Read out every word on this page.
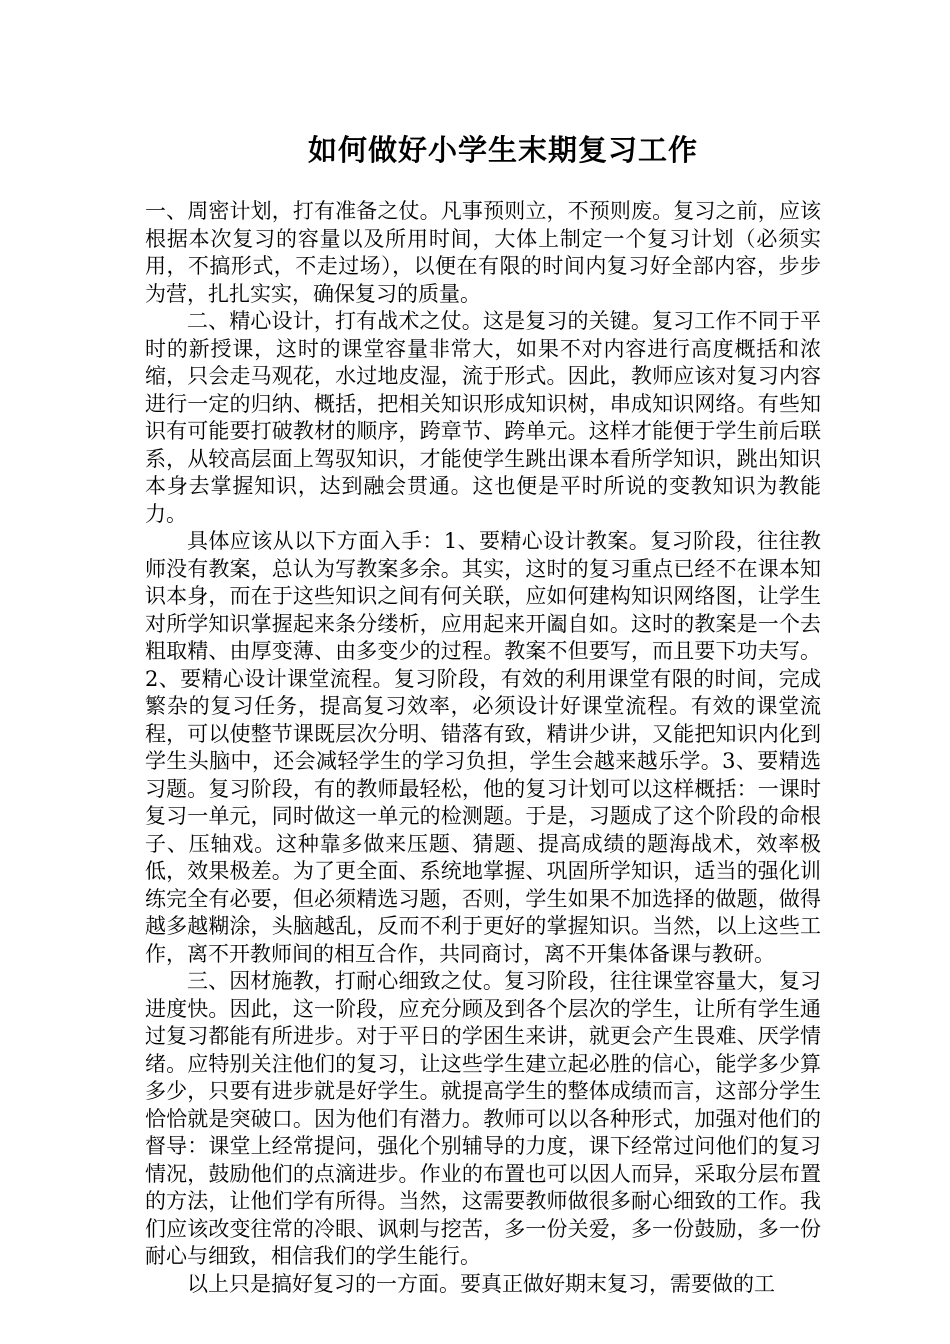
如何做好小学生末期复习工作

一、周密计划，打有准备之仗。凡事预则立，不预则废。复习之前，应该根据本次复习的容量以及所用时间，大体上制定一个复习计划（必须实用，不搞形式，不走过场），以便在有限的时间内复习好全部内容，步步为营，扎扎实实，确保复习的质量。

二、精心设计，打有战术之仗。这是复习的关键。复习工作不同于平时的新授课，这时的课堂容量非常大，如果不对内容进行高度概括和浓缩，只会走马观花，水过地皮湿，流于形式。因此，教师应该对复习内容进行一定的归纳、概括，把相关知识形成知识树，串成知识网络。有些知识有可能要打破教材的顺序，跨章节、跨单元。这样才能便于学生前后联系，从较高层面上驾驭知识，才能使学生跳出课本看所学知识，跳出知识本身去掌握知识，达到融会贯通。这也便是平时所说的变教知识为教能力。

具体应该从以下方面入手：1、要精心设计教案。复习阶段，往往教师没有教案，总认为写教案多余。其实，这时的复习重点已经不在课本知识本身，而在于这些知识之间有何关联，应如何建构知识网络图，让学生对所学知识掌握起来条分缕析，应用起来开阖自如。这时的教案是一个去粗取精、由厚变薄、由多变少的过程。教案不但要写，而且要下功夫写。2、要精心设计课堂流程。复习阶段，有效的利用课堂有限的时间，完成繁杂的复习任务，提高复习效率，必须设计好课堂流程。有效的课堂流程，可以使整节课既层次分明、错落有致，精讲少讲，又能把知识内化到学生头脑中，还会减轻学生的学习负担，学生会越来越乐学。3、要精选习题。复习阶段，有的教师最轻松，他的复习计划可以这样概括：一课时复习一单元，同时做这一单元的检测题。于是，习题成了这个阶段的命根子、压轴戏。这种靠多做来压题、猜题、提高成绩的题海战术，效率极低，效果极差。为了更全面、系统地掌握、巩固所学知识，适当的强化训练完全有必要，但必须精选习题，否则，学生如果不加选择的做题，做得越多越糊涂，头脑越乱，反而不利于更好的掌握知识。当然，以上这些工作，离不开教师间的相互合作，共同商讨，离不开集体备课与教研。

三、因材施教，打耐心细致之仗。复习阶段，往往课堂容量大，复习进度快。因此，这一阶段，应充分顾及到各个层次的学生，让所有学生通过复习都能有所进步。对于平日的学困生来讲，就更会产生畏难、厌学情绪。应特别关注他们的复习，让这些学生建立起必胜的信心，能学多少算多少，只要有进步就是好学生。就提高学生的整体成绩而言，这部分学生恰恰就是突破口。因为他们有潜力。教师可以以各种形式，加强对他们的督导：课堂上经常提问，强化个别辅导的力度，课下经常过问他们的复习情况，鼓励他们的点滴进步。作业的布置也可以因人而异，采取分层布置的方法，让他们学有所得。当然，这需要教师做很多耐心细致的工作。我们应该改变往常的冷眼、讽刺与挖苦，多一份关爱，多一份鼓励，多一份耐心与细致，相信我们的学生能行。

以上只是搞好复习的一方面。要真正做好期末复习，需要做的工
